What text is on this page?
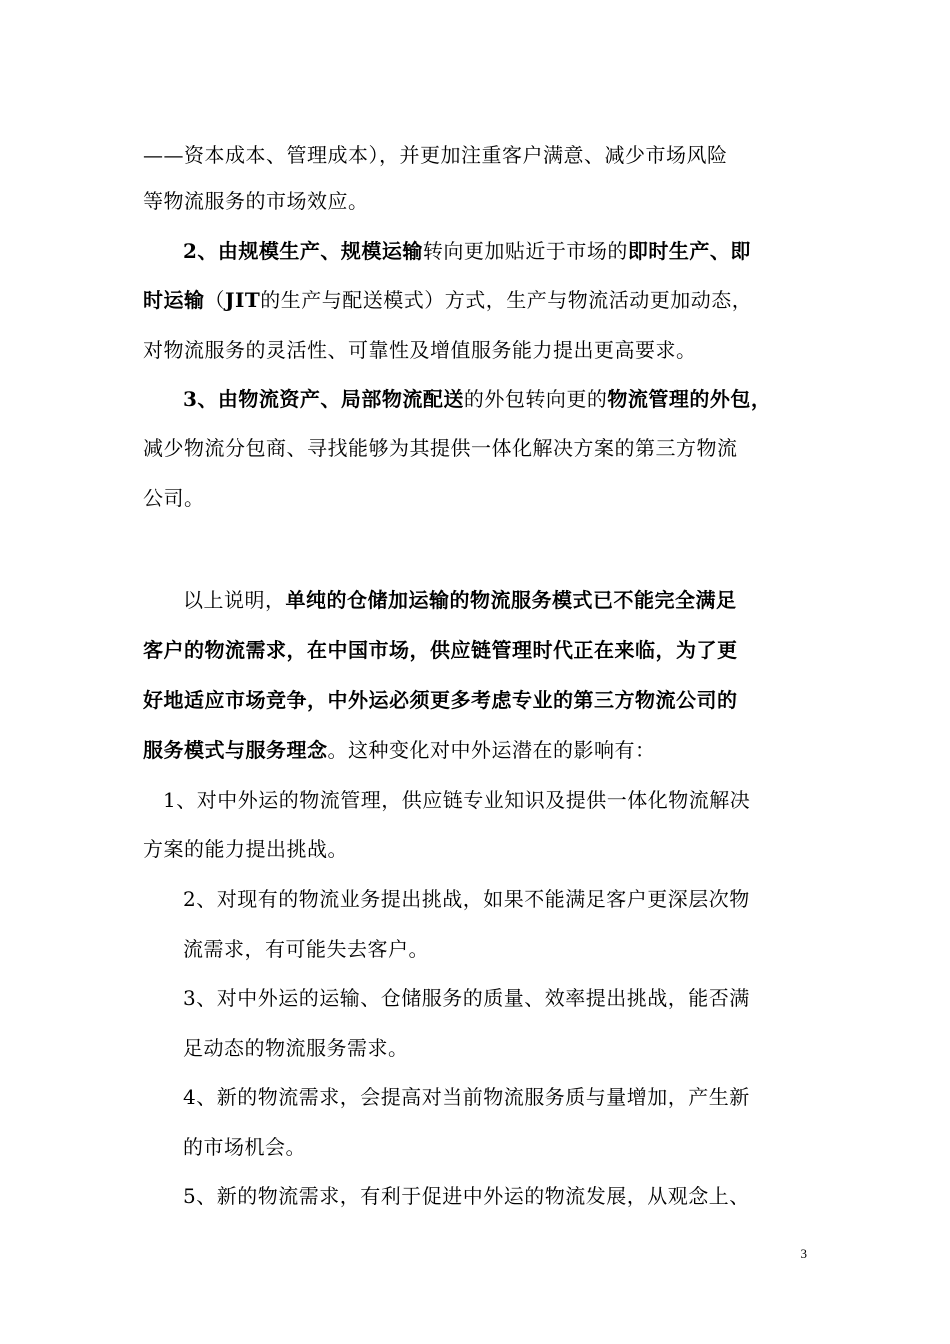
——资本成本、管理成本），并更加注重客户满意、减少市场风险
等物流服务的市场效应。
2、由规模生产、规模运输转向更加贴近于市场的即时生产、即
时运输（JIT的生产与配送模式）方式，生产与物流活动更加动态，
对物流服务的灵活性、可靠性及增值服务能力提出更高要求。
3、由物流资产、局部物流配送的外包转向更的物流管理的外包，
减少物流分包商、寻找能够为其提供一体化解决方案的第三方物流
公司。
以上说明，单纯的仓储加运输的物流服务模式已不能完全满足
客户的物流需求，在中国市场，供应链管理时代正在来临，为了更
好地适应市场竞争，中外运必须更多考虑专业的第三方物流公司的
服务模式与服务理念。这种变化对中外运潜在的影响有：
1、对中外运的物流管理，供应链专业知识及提供一体化物流解决
方案的能力提出挑战。
2、对现有的物流业务提出挑战，如果不能满足客户更深层次物
流需求，有可能失去客户。
3、对中外运的运输、仓储服务的质量、效率提出挑战，能否满
足动态的物流服务需求。
4、新的物流需求，会提高对当前物流服务质与量增加，产生新
的市场机会。
5、新的物流需求，有利于促进中外运的物流发展，从观念上、
3
